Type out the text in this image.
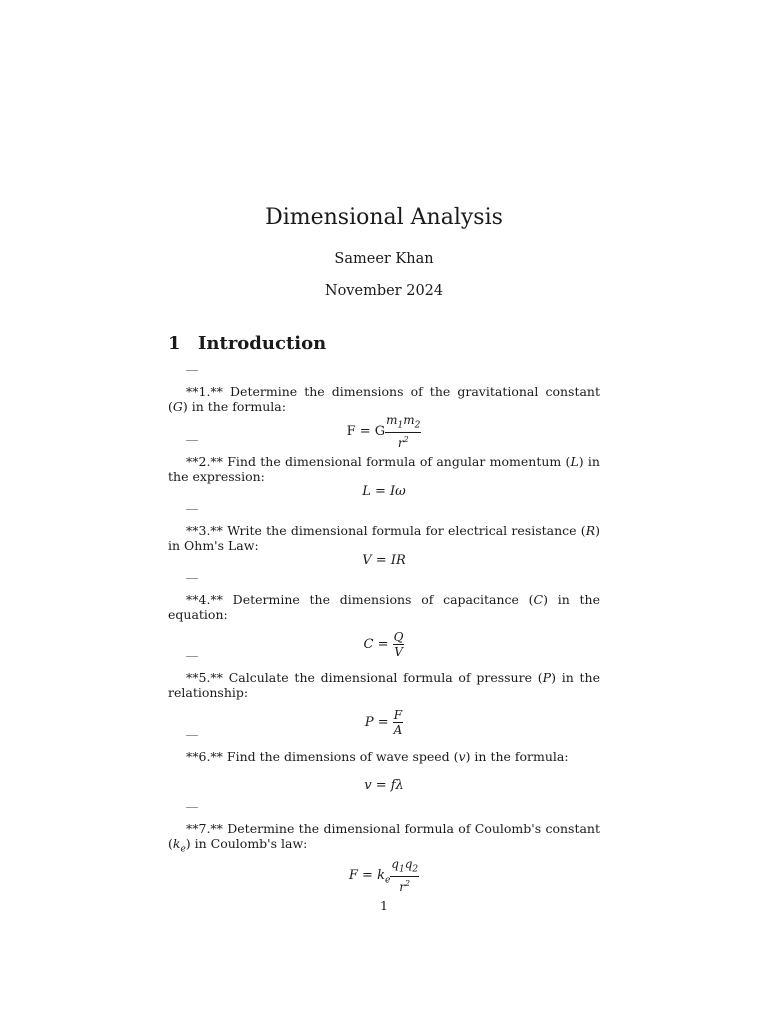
Dimensional Analysis
Sameer Khan
November 2024
1 Introduction
**1.** Determine the dimensions of the gravitational constant (G) in the formula:
F = G $\frac{m_1m_2}{r^2}$
**2.** Find the dimensional formula of angular momentum (L) in the expression:
L = Iω
**3.** Write the dimensional formula for electrical resistance (R) in Ohm's Law:
V = IR
**4.** Determine the dimensions of capacitance (C) in the equation:
$C = \frac{Q}{V}$
**5.** Calculate the dimensional formula of pressure (P) in the relationship:
$P = \frac{F}{A}$
**6.** Find the dimensions of wave speed (v) in the formula:
v = fλ
**7.** Determine the dimensional formula of Coulomb's constant $(k_e)$ in Coulomb's law:
$F = k_e \frac{q_1q_2}{r^2}$
1
